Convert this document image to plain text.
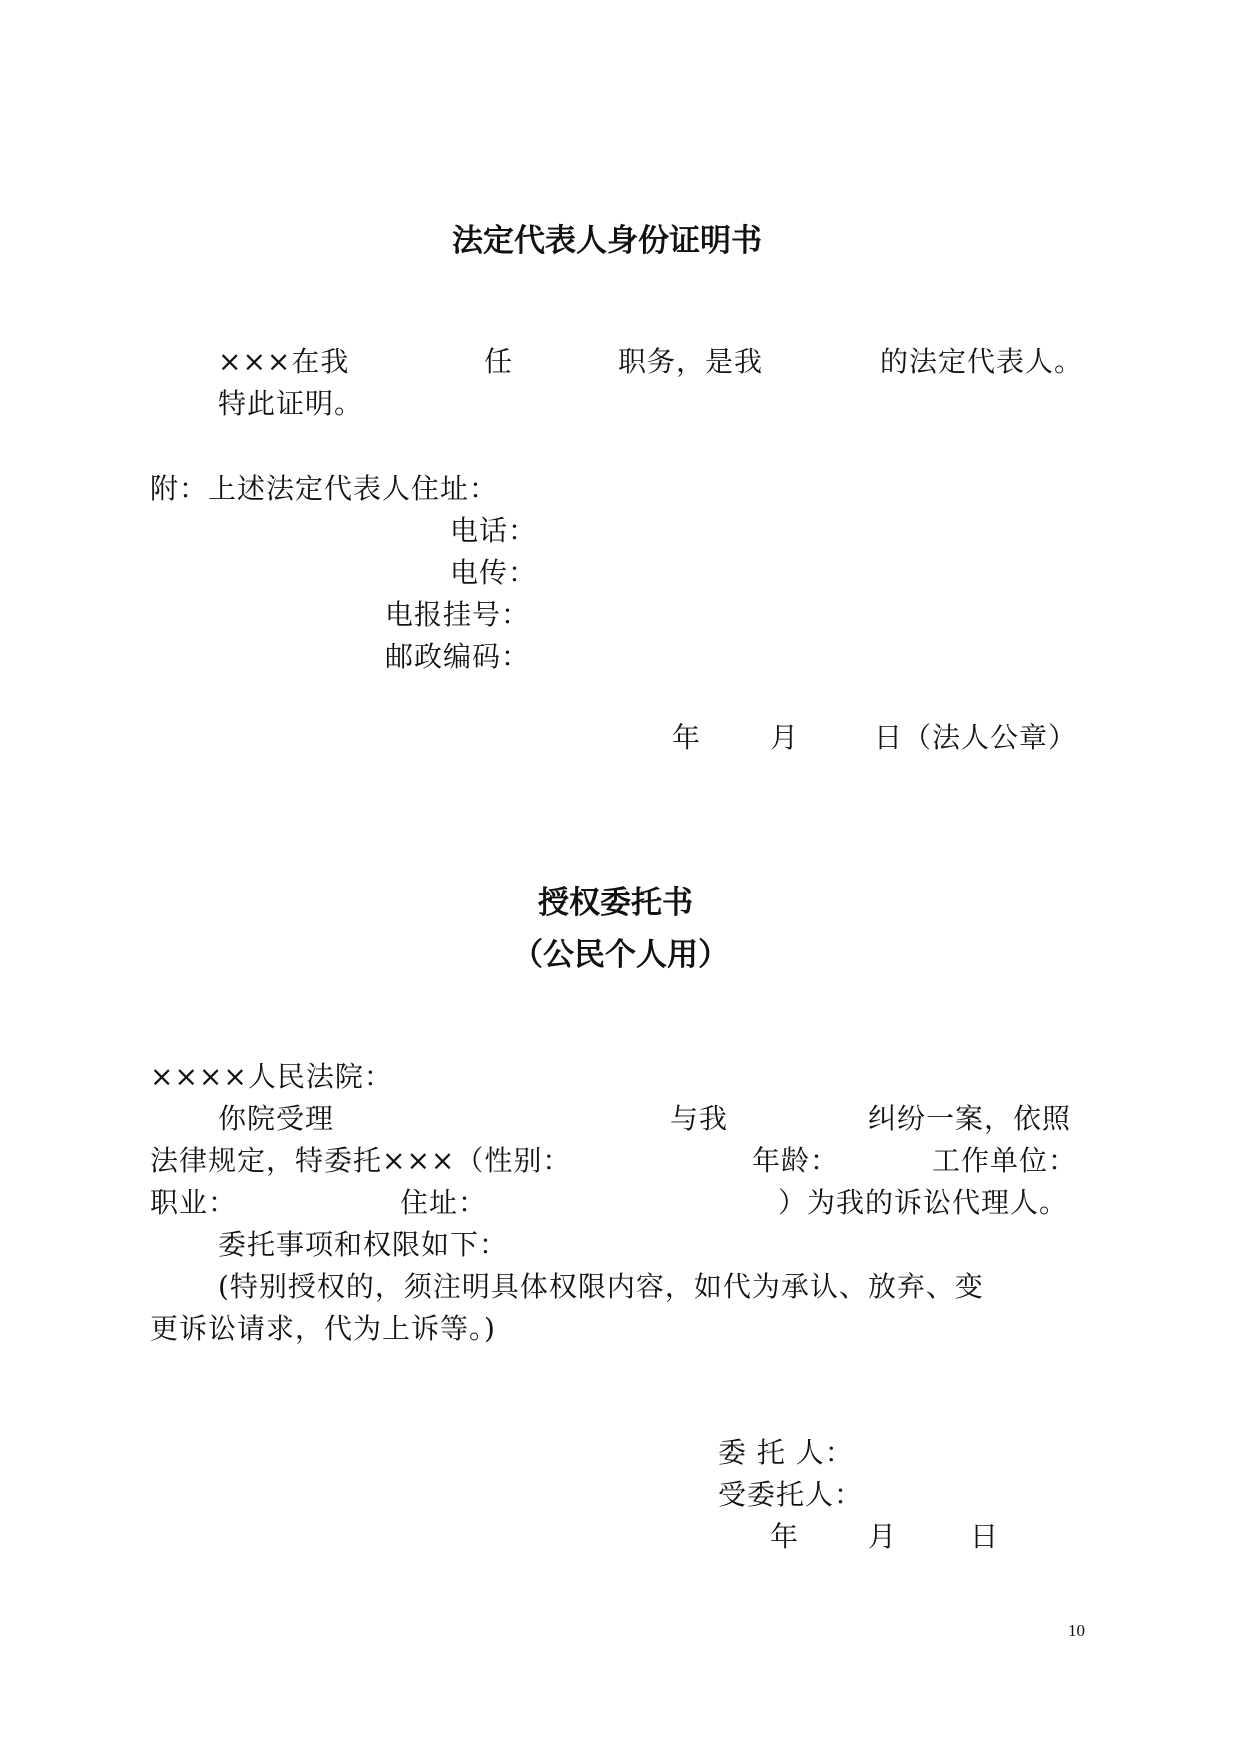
法定代表人身份证明书
×××在我	任	职务，是我	的法定代表人。
特此证明。
附：上述法定代表人住址：
电话：
电传：
电报挂号：
邮政编码：
年 月	日（法人公章）
授权委托书
（公民个人用）
××××人民法院：
你院受理	与我	纠纷一案，依照
法律规定，特委托×××（性别：	年龄：	工作单位：
职业：	住址：	）为我的诉讼代理人。
委托事项和权限如下：
(特别授权的，须注明具体权限内容，如代为承认、放弃、变
更诉讼请求，代为上诉等。)
委 托 人：
受委托人：
年 月	日
10
